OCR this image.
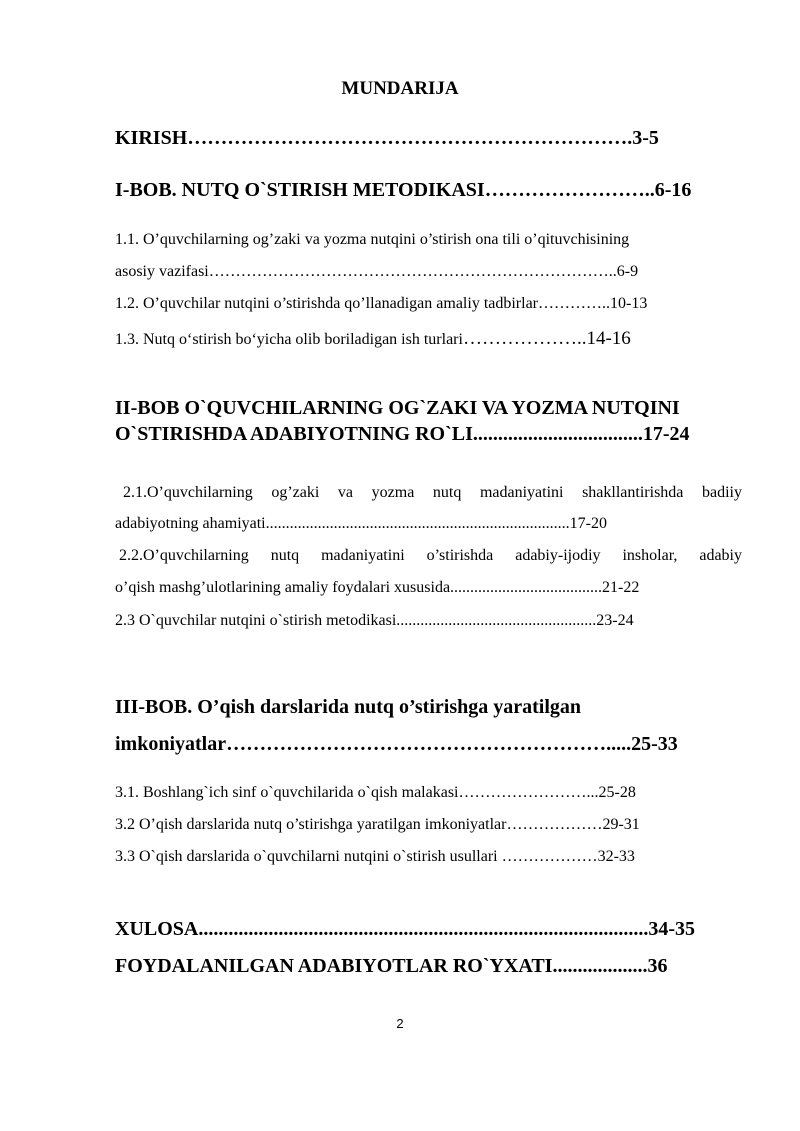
MUNDARIJA
KIRISH………………………………………………………….3-5
I-BOB. NUTQ O`STIRISH METODIKASI……………………..6-16
1.1. O’quvchilarning og’zaki va yozma nutqini o’stirish ona tili o’qituvchisining
asosiy vazifasi…………………………………………………………………..6-9
1.2. O’quvchilar nutqini o’stirishda qo’llanadigan amaliy tadbirlar…………..10-13
1.3. Nutq o‘stirish bo‘yicha olib boriladigan ish turlari………………..14-16
II-BOB O`QUVCHILARNING OG`ZAKI VA YOZMA NUTQINI
O`STIRISHDA ADABIYOTNING RO`LI..................................17-24
2.1.O’quvchilarning og’zaki va yozma nutq madaniyatini shakllantirishda badiiy
adabiyotning ahamiyati............................................................................17-20
2.2.O’quvchilarning nutq madaniyatini o’stirishda adabiy-ijodiy insholar, adabiy
o’qish mashg’ulotlarining amaliy foydalari xususida......................................21-22
2.3 O`quvchilar nutqini o`stirish metodikasi..................................................23-24
III-BOB. O’qish darslarida nutq o’stirishga yaratilgan
imkoniyatlar………………………………………………….....25-33
3.1. Boshlang`ich sinf o`quvchilarida o`qish malakasi……………………...25-28
3.2 O’qish darslarida nutq o’stirishga yaratilgan imkoniyatlar………………29-31
3.3 O`qish darslarida o`quvchilarni nutqini o`stirish usullari ………………32-33
XULOSA..........................................................................................34-35
FOYDALANILGAN ADABIYOTLAR RO`YXATI...................36
2
